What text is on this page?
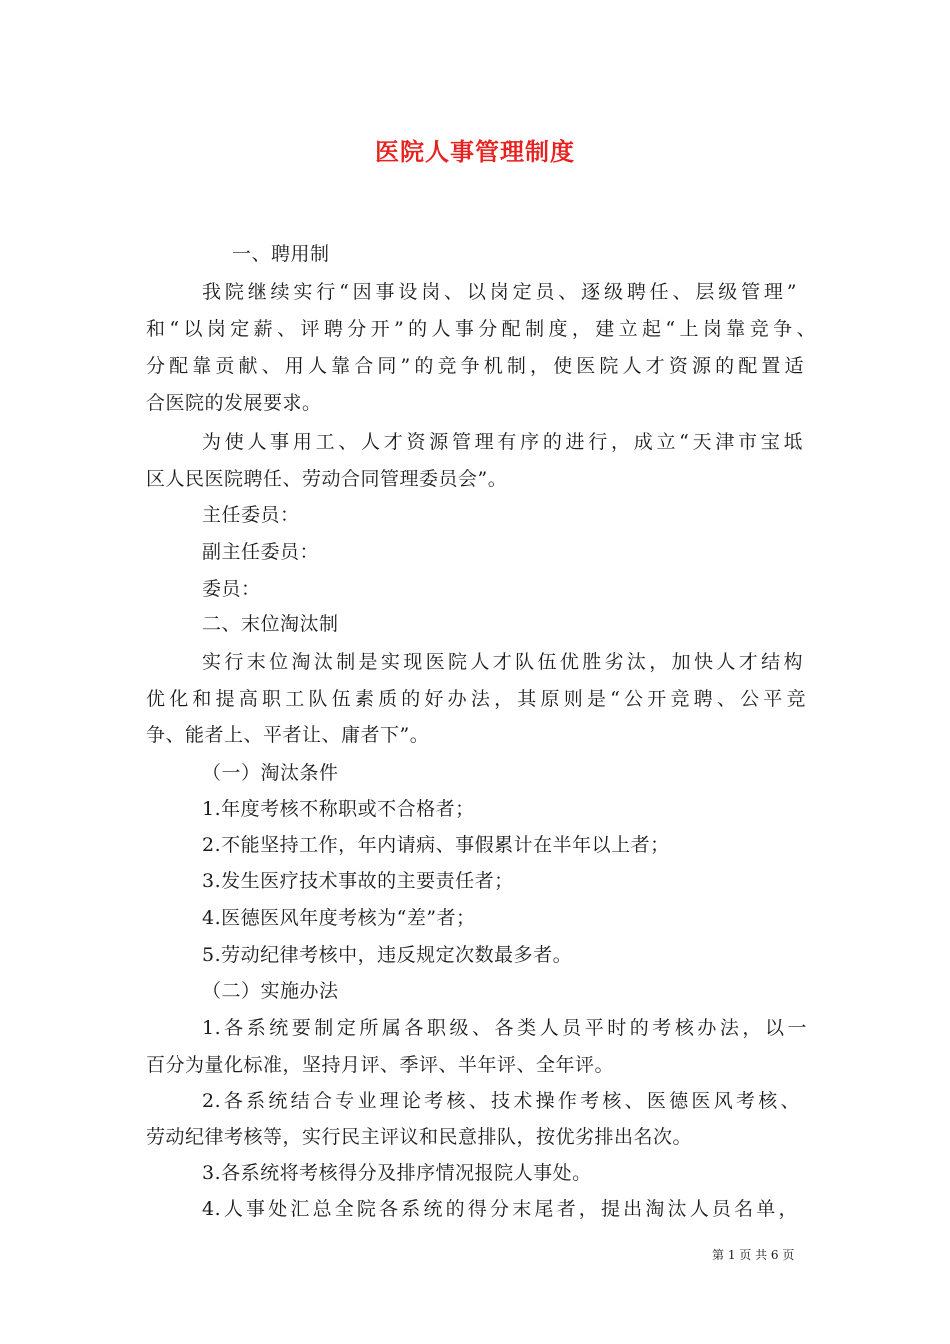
医院人事管理制度
一、聘用制
我院继续实行“因事设岗、以岗定员、逐级聘任、层级管理”
和“以岗定薪、评聘分开”的人事分配制度，建立起“上岗靠竞争、
分配靠贡献、用人靠合同”的竞争机制，使医院人才资源的配置适
合医院的发展要求。
为使人事用工、人才资源管理有序的进行，成立“天津市宝坻
区人民医院聘任、劳动合同管理委员会”。
主任委员：
副主任委员：
委员：
二、末位淘汰制
实行末位淘汰制是实现医院人才队伍优胜劣汰，加快人才结构
优化和提高职工队伍素质的好办法，其原则是“公开竞聘、公平竞
争、能者上、平者让、庸者下”。
（一）淘汰条件
1.年度考核不称职或不合格者；
2.不能坚持工作，年内请病、事假累计在半年以上者；
3.发生医疗技术事故的主要责任者；
4.医德医风年度考核为“差”者；
5.劳动纪律考核中，违反规定次数最多者。
（二）实施办法
1.各系统要制定所属各职级、各类人员平时的考核办法，以一
百分为量化标准，坚持月评、季评、半年评、全年评。
2.各系统结合专业理论考核、技术操作考核、医德医风考核、
劳动纪律考核等，实行民主评议和民意排队，按优劣排出名次。
3.各系统将考核得分及排序情况报院人事处。
4.人事处汇总全院各系统的得分末尾者，提出淘汰人员名单，
第 1 页 共 6 页
